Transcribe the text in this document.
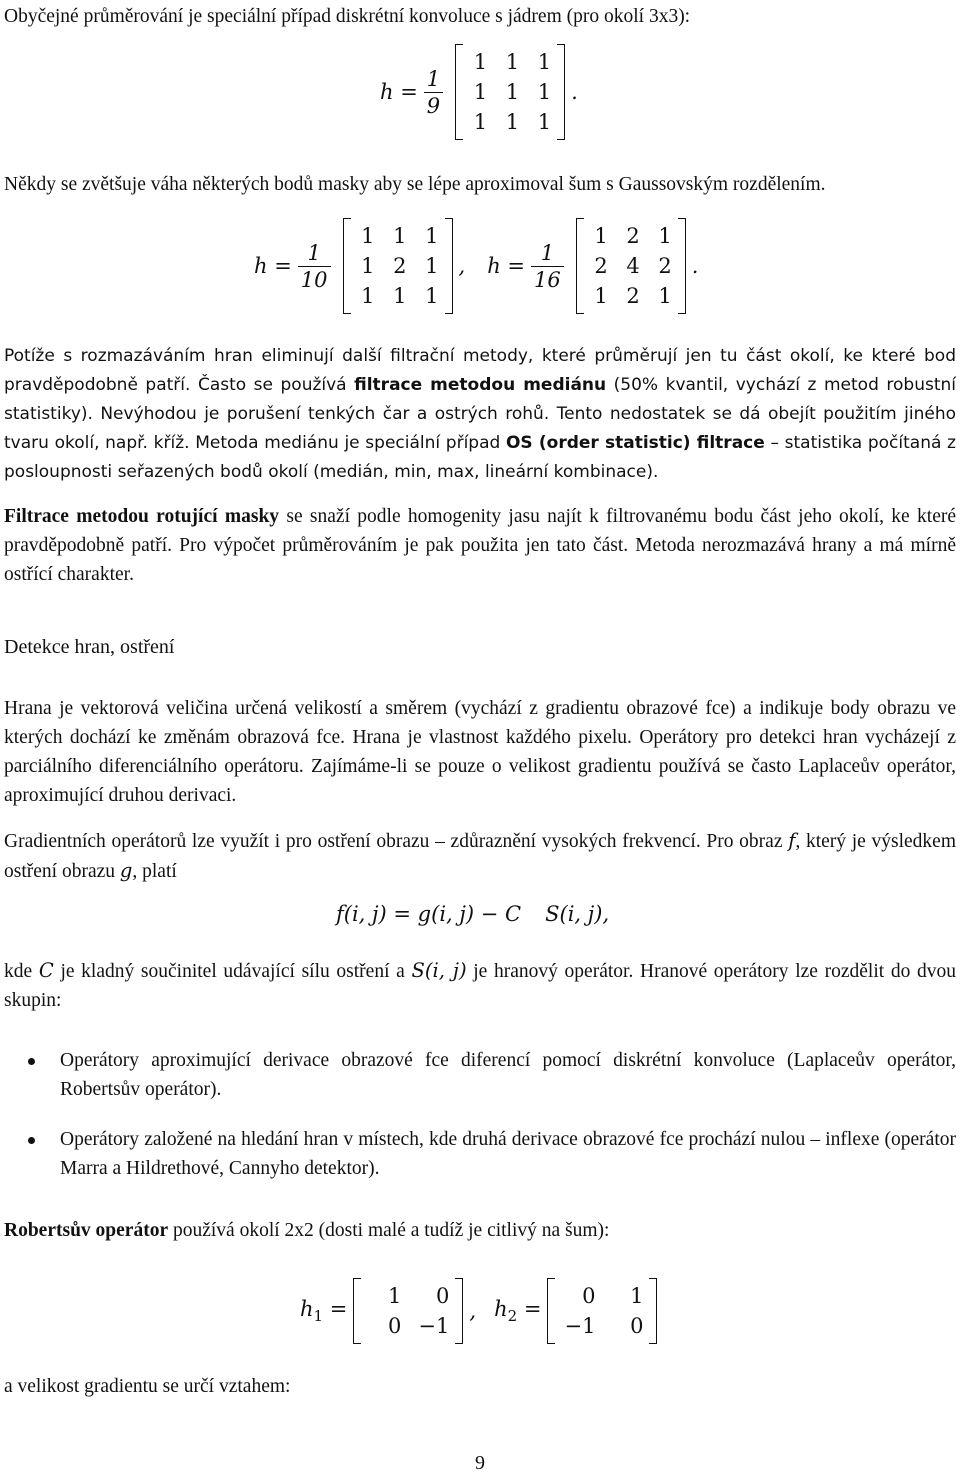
Obyčejné průměrování je speciální případ diskrétní konvoluce s jádrem (pro okolí 3x3):

$h = \frac{1}{9}$
1 1 1
1 1 1
1 1 1
.

Někdy se zvětšuje váha některých bodů masky aby se lépe aproximoval šum s Gaussovským rozdělením.

$h = \frac{1}{10}$
1 1 1
1 2 1
1 1 1
, $h = \frac{1}{16}$
1 2 1
2 4 2
1 2 1
.

Potíže s rozmazáváním hran eliminují další filtrační metody, které průměrují jen tu část okolí, ke které bod pravděpodobně patří. Často se používá filtrace metodou mediánu (50% kvantil, vychází z metod robustní statistiky). Nevýhodou je porušení tenkých čar a ostrých rohů. Tento nedostatek se dá obejít použitím jiného tvaru okolí, např. kříž. Metoda mediánu je speciální případ OS (order statistic) filtrace – statistika počítaná z posloupnosti seřazených bodů okolí (medián, min, max, lineární kombinace).

Filtrace metodou rotující masky se snaží podle homogenity jasu najít k filtrovanému bodu část jeho okolí, ke které pravděpodobně patří. Pro výpočet průměrováním je pak použita jen tato část. Metoda nerozmazává hrany a má mírně ostřící charakter.

Detekce hran, ostření

Hrana je vektorová veličina určená velikostí a směrem (vychází z gradientu obrazové fce) a indikuje body obrazu ve kterých dochází ke změnám obrazová fce. Hrana je vlastnost každého pixelu. Operátory pro detekci hran vycházejí z parciálního diferenciálního operátoru. Zajímáme-li se pouze o velikost gradientu používá se často Laplaceův operátor, aproximující druhou derivaci.

Gradientních operátorů lze využít i pro ostření obrazu – zdůraznění vysokých frekvencí. Pro obraz f, který je výsledkem ostření obrazu g, platí

f(i, j) = g(i, j) − C S(i, j),

kde C je kladný součinitel udávající sílu ostření a S(i, j) je hranový operátor. Hranové operátory lze rozdělit do dvou skupin:

Operátory aproximující derivace obrazové fce diferencí pomocí diskrétní konvoluce (Laplaceův operátor, Robertsův operátor).
Operátory založené na hledání hran v místech, kde druhá derivace obrazové fce prochází nulou – inflexe (operátor Marra a Hildrethové, Cannyho detektor).

Robertsův operátor používá okolí 2x2 (dosti malé a tudíž je citlivý na šum):

$h_1$ =
1	0
0 −1
, $h_2$ =
0	1
−1	0

a velikost gradientu se určí vztahem:

9
